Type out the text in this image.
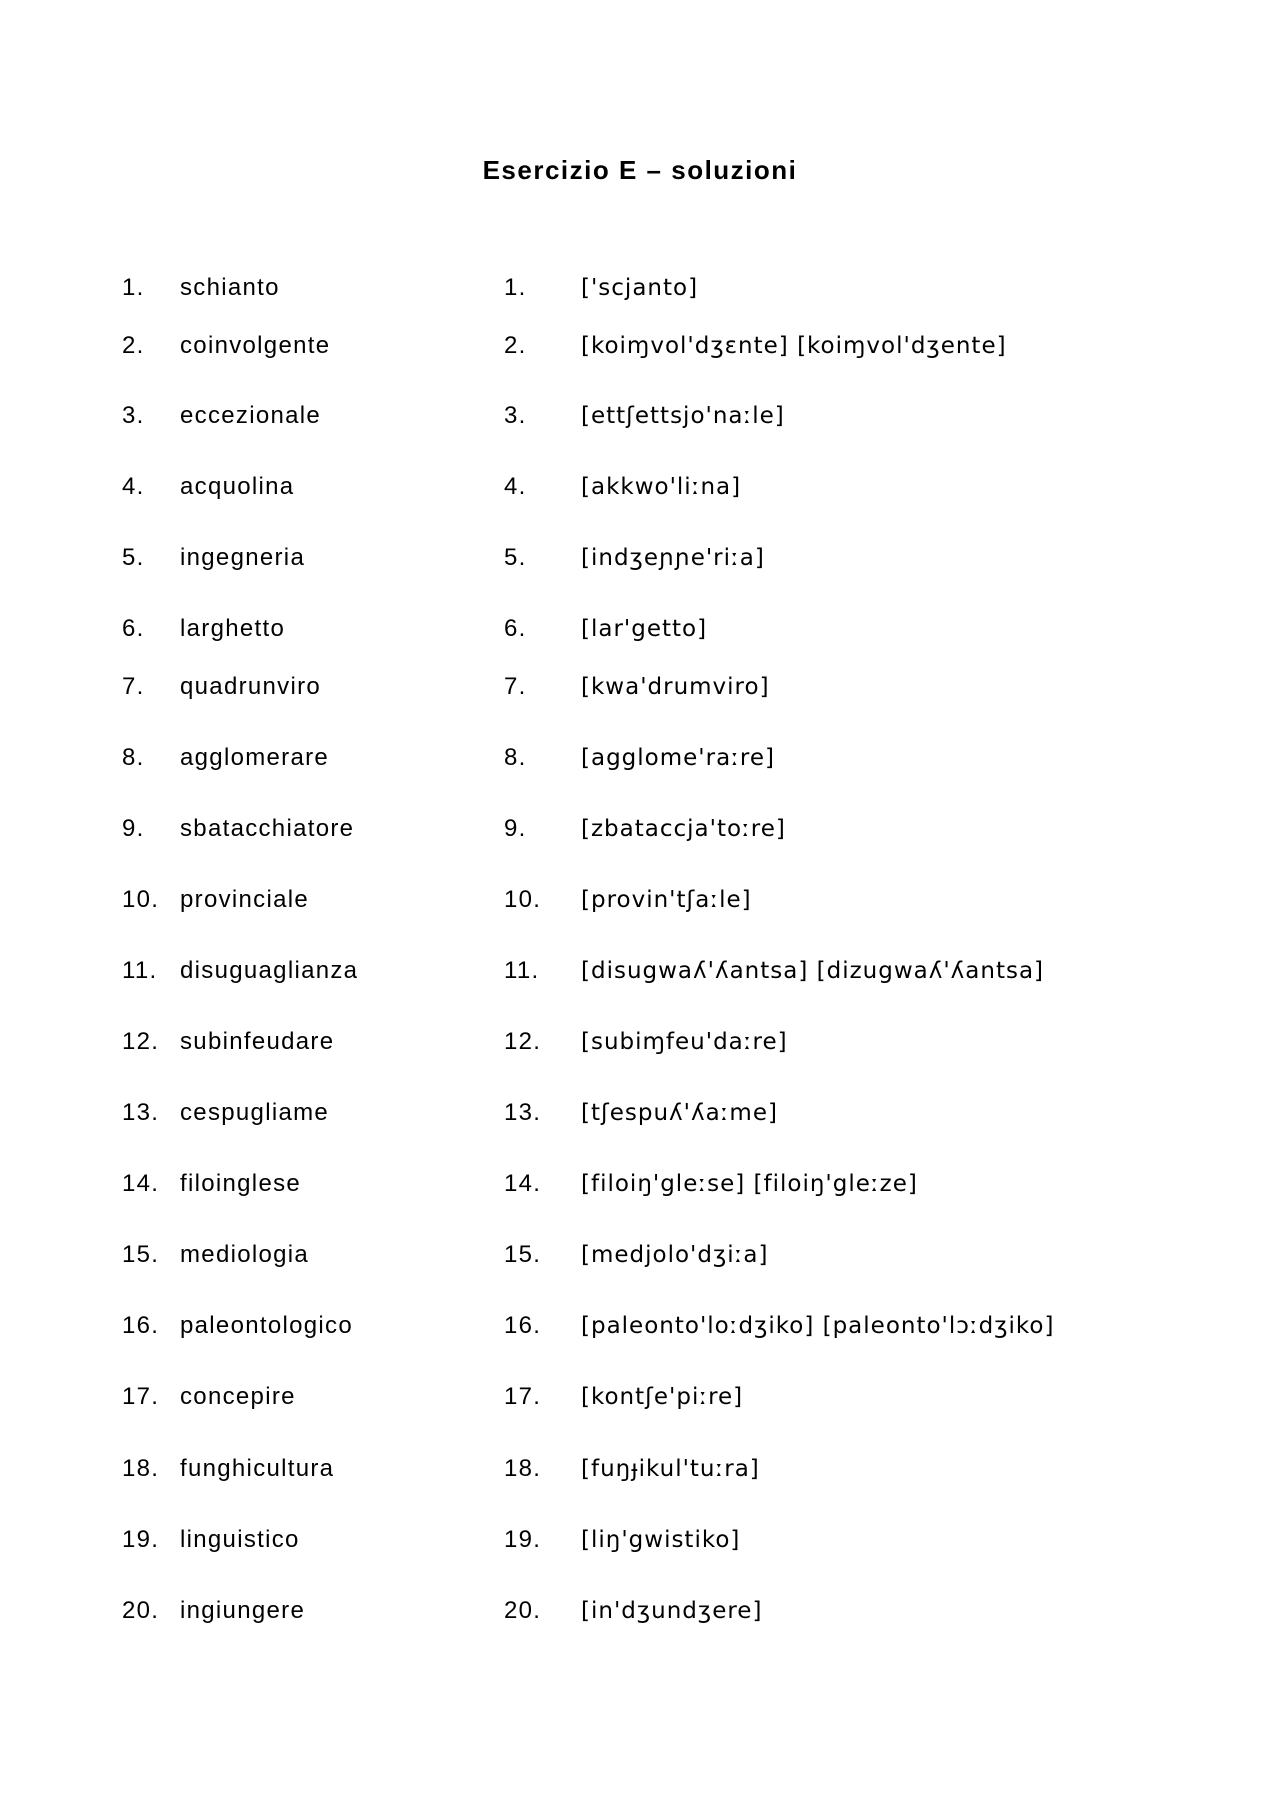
Esercizio E – soluzioni
1. schianto	1. ['scjanto]
2. coinvolgente	2. [koiɱvol'dʒɛnte] [koiɱvol'dʒente]
3. eccezionale	3. [ettʃettsjo'naːle]
4. acquolina	4. [akkwo'liːna]
5. ingegneria	5. [indʒeɲɲe'riːa]
6. larghetto	6. [lar'getto]
7. quadrunviro	7. [kwa'drumviro]
8. agglomerare	8. [agglome'raːre]
9. sbatacchiatore	9. [zbataccja'toːre]
10. provinciale	10. [provin'tʃaːle]
11. disuguaglianza	11. [disugwaʎ'ʎantsa] [dizugwaʎ'ʎantsa]
12. subinfeudare	12. [subiɱfeu'daːre]
13. cespugliame	13. [tʃespuʎ'ʎaːme]
14. filoinglese	14. [filoiŋ'gleːse] [filoiŋ'gleːze]
15. mediologia	15. [medjolo'dʒiːa]
16. paleontologico	16. [paleonto'loːdʒiko] [paleonto'lɔːdʒiko]
17. concepire	17. [kontʃe'piːre]
18. funghicultura	18. [fuŋɟikul'tuːra]
19. linguistico	19. [liŋ'gwistiko]
20. ingiungere	20. [in'dʒundʒere]
